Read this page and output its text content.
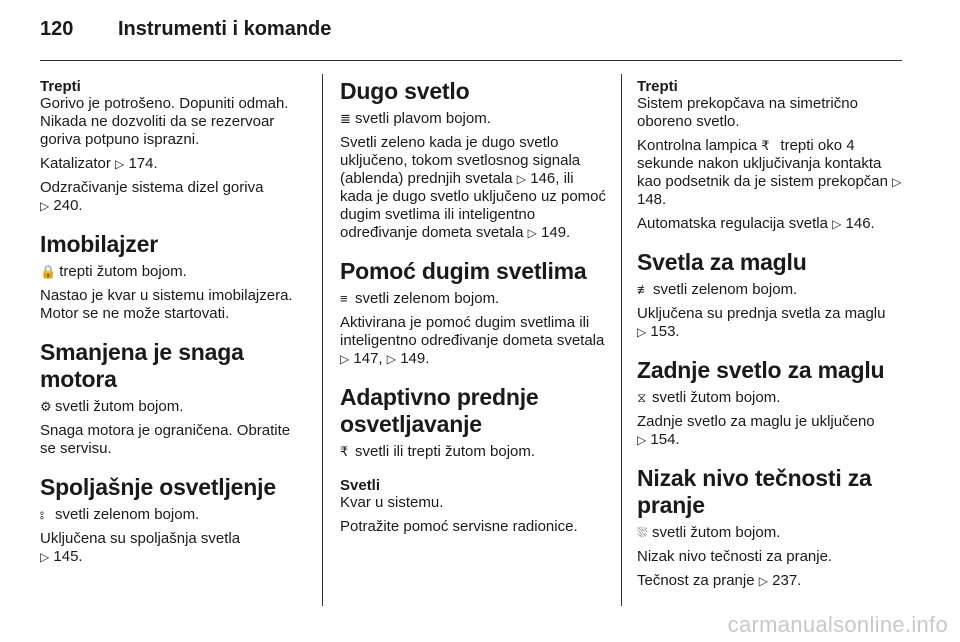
120 Instrumenti i komande
Trepti

Gorivo je potrošeno. Dopuniti odmah. Nikada ne dozvoliti da se rezervoar goriva potpuno isprazni.

Katalizator ▷ 174.

Odzračivanje sistema dizel goriva
▷ 240.

Imobilajzer

🔒 trepti žutom bojom.

Nastao je kvar u sistemu imobilajzera. Motor se ne može startovati.

Smanjena je snaga motora

⚙ svetli žutom bojom.

Snaga motora je ograničena. Obratite se servisu.

Spoljašnje osvetljenje

⦂ svetli zelenom bojom.

Uključena su spoljašnja svetla
▷ 145.

Dugo svetlo

≣ svetli plavom bojom.

Svetli zeleno kada je dugo svetlo uključeno, tokom svetlosnog signala (ablenda) prednjih svetala ▷ 146, ili kada je dugo svetlo uključeno uz pomoć dugim svetlima ili inteligentno određivanje dometa svetala ▷ 149.

Pomoć dugim svetlima

≡ svetli zelenom bojom.

Aktivirana je pomoć dugim svetlima ili inteligentno određivanje dometa svetala ▷ 147, ▷ 149.

Adaptivno prednje osvetljavanje

₹ svetli ili trepti žutom bojom.

Svetli

Kvar u sistemu.

Potražite pomoć servisne radionice.

Trepti

Sistem prekopčava na simetrično oboreno svetlo.

Kontrolna lampica ₹ trepti oko 4 sekunde nakon uključivanja kontakta kao podsetnik da je sistem prekopčan ▷ 148.

Automatska regulacija svetla ▷ 146.

Svetla za maglu

≢ svetli zelenom bojom.

Uključena su prednja svetla za maglu
▷ 153.

Zadnje svetlo za maglu

⧖ svetli žutom bojom.

Zadnje svetlo za maglu je uključeno
▷ 154.

Nizak nivo tečnosti za pranje

⛆ svetli žutom bojom.

Nizak nivo tečnosti za pranje.

Tečnost za pranje ▷ 237.

carmanualsonline.info
